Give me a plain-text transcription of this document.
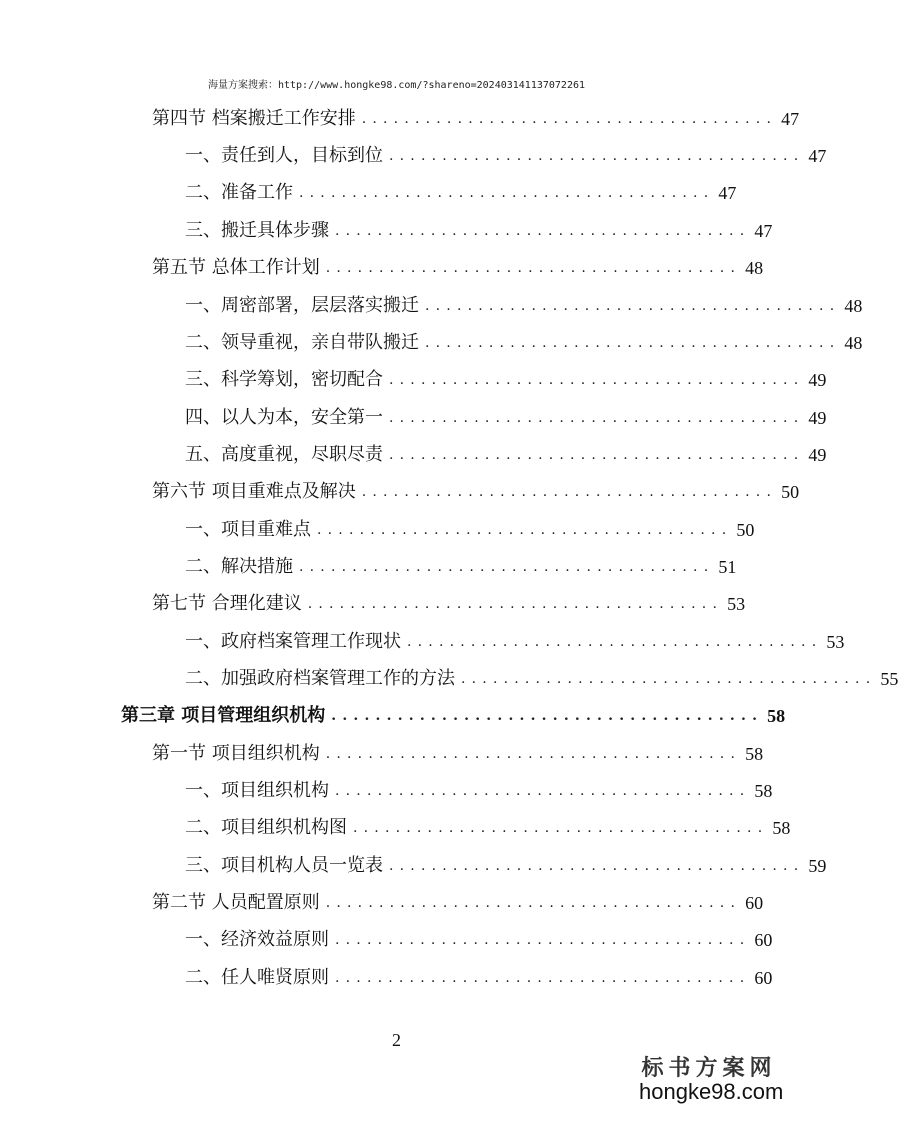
海量方案搜索：http://www.hongke98.com/?shareno=202403141137072261
第四节 档案搬迁工作安排 ....................................... 47
一、责任到人，目标到位 ....................................... 47
二、准备工作 ....................................... 47
三、搬迁具体步骤 ....................................... 47
第五节 总体工作计划 ....................................... 48
一、周密部署，层层落实搬迁 ....................................... 48
二、领导重视，亲自带队搬迁 ....................................... 48
三、科学筹划，密切配合 ....................................... 49
四、以人为本，安全第一 ....................................... 49
五、高度重视，尽职尽责 ....................................... 49
第六节 项目重难点及解决 ....................................... 50
一、项目重难点 ....................................... 50
二、解决措施 ....................................... 51
第七节 合理化建议 ....................................... 53
一、政府档案管理工作现状 ....................................... 53
二、加强政府档案管理工作的方法 ....................................... 55
第三章 项目管理组织机构 ....................................... 58
第一节 项目组织机构 ....................................... 58
一、项目组织机构 ....................................... 58
二、项目组织机构图 ....................................... 58
三、项目机构人员一览表 ....................................... 59
第二节 人员配置原则 ....................................... 60
一、经济效益原则 ....................................... 60
二、任人唯贤原则 ....................................... 60
2
标书方案网
hongke98.com
